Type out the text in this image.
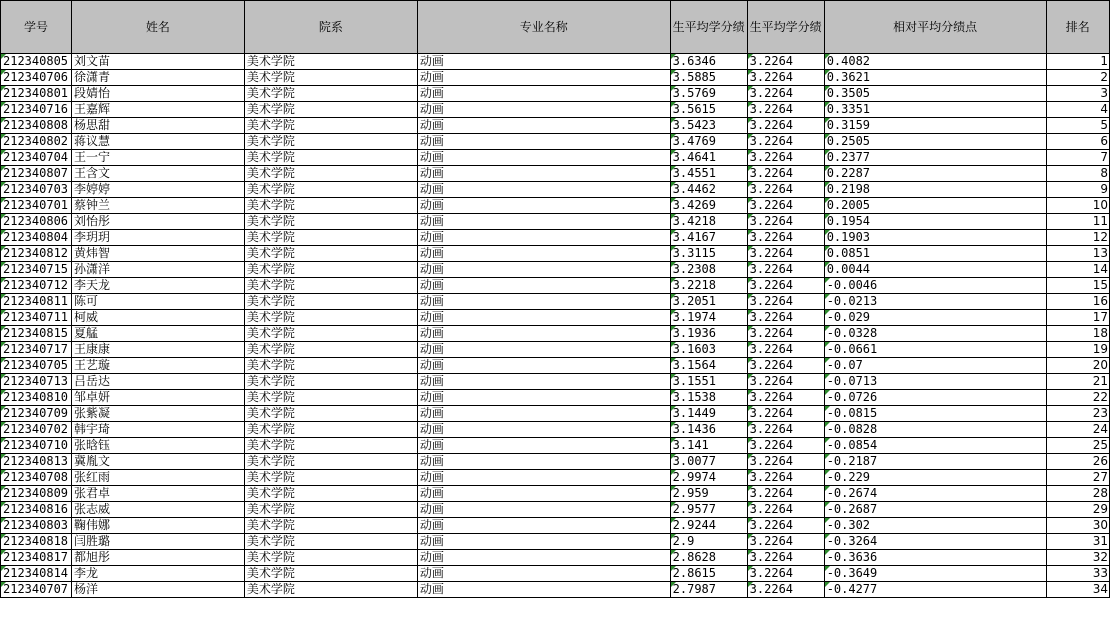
学号	姓名	院系	专业名称	生平均学分绩	生平均学分绩	相对平均分绩点	排名
212340805	刘文苗	美术学院	动画	3.6346	3.2264	0.4082	1
212340706	徐潇青	美术学院	动画	3.5885	3.2264	0.3621	2
212340801	段婧怡	美术学院	动画	3.5769	3.2264	0.3505	3
212340716	王嘉辉	美术学院	动画	3.5615	3.2264	0.3351	4
212340808	杨思甜	美术学院	动画	3.5423	3.2264	0.3159	5
212340802	蒋议慧	美术学院	动画	3.4769	3.2264	0.2505	6
212340704	王一宁	美术学院	动画	3.4641	3.2264	0.2377	7
212340807	王含文	美术学院	动画	3.4551	3.2264	0.2287	8
212340703	李婷婷	美术学院	动画	3.4462	3.2264	0.2198	9
212340701	蔡钟兰	美术学院	动画	3.4269	3.2264	0.2005	10
212340806	刘怡彤	美术学院	动画	3.4218	3.2264	0.1954	11
212340804	李玥玥	美术学院	动画	3.4167	3.2264	0.1903	12
212340812	黄炜智	美术学院	动画	3.3115	3.2264	0.0851	13
212340715	孙潇洋	美术学院	动画	3.2308	3.2264	0.0044	14
212340712	李天龙	美术学院	动画	3.2218	3.2264	-0.0046	15
212340811	陈可	美术学院	动画	3.2051	3.2264	-0.0213	16
212340711	柯威	美术学院	动画	3.1974	3.2264	-0.029	17
212340815	夏艋	美术学院	动画	3.1936	3.2264	-0.0328	18
212340717	王康康	美术学院	动画	3.1603	3.2264	-0.0661	19
212340705	王艺璇	美术学院	动画	3.1564	3.2264	-0.07	20
212340713	吕岳达	美术学院	动画	3.1551	3.2264	-0.0713	21
212340810	邹卓妍	美术学院	动画	3.1538	3.2264	-0.0726	22
212340709	张紫凝	美术学院	动画	3.1449	3.2264	-0.0815	23
212340702	韩宇琦	美术学院	动画	3.1436	3.2264	-0.0828	24
212340710	张晗钰	美术学院	动画	3.141	3.2264	-0.0854	25
212340813	冀胤文	美术学院	动画	3.0077	3.2264	-0.2187	26
212340708	张红雨	美术学院	动画	2.9974	3.2264	-0.229	27
212340809	张君卓	美术学院	动画	2.959	3.2264	-0.2674	28
212340816	张志威	美术学院	动画	2.9577	3.2264	-0.2687	29
212340803	鞠伟娜	美术学院	动画	2.9244	3.2264	-0.302	30
212340818	闫胜璐	美术学院	动画	2.9	3.2264	-0.3264	31
212340817	都旭彤	美术学院	动画	2.8628	3.2264	-0.3636	32
212340814	李龙	美术学院	动画	2.8615	3.2264	-0.3649	33
212340707	杨洋	美术学院	动画	2.7987	3.2264	-0.4277	34
